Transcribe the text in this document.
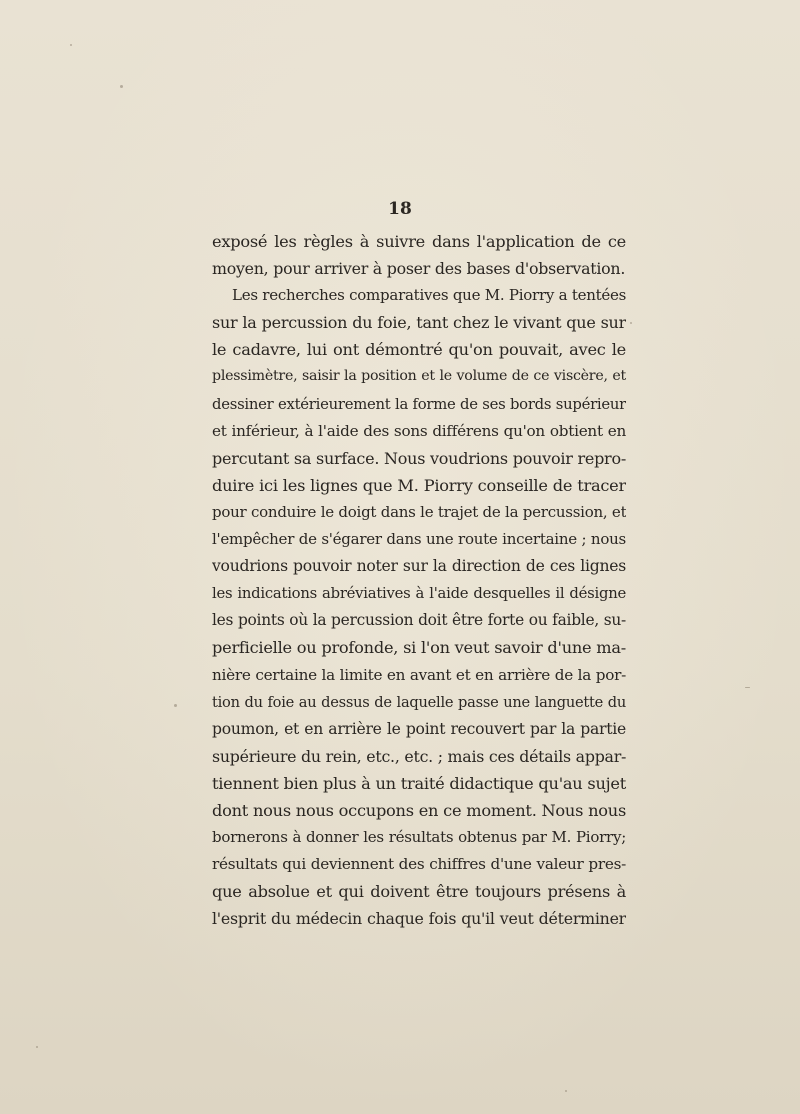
18
exposé les règles à suivre dans l'application de ce
moyen, pour arriver à poser des bases d'observation.
Les recherches comparatives que M. Piorry a tentées
sur la percussion du foie, tant chez le vivant que sur
le cadavre, lui ont démontré qu'on pouvait, avec le
plessimètre, saisir la position et le volume de ce viscère, et
dessiner extérieurement la forme de ses bords supérieur
et inférieur, à l'aide des sons différens qu'on obtient en
percutant sa surface. Nous voudrions pouvoir repro-
duire ici les lignes que M. Piorry conseille de tracer
pour conduire le doigt dans le trajet de la percussion, et
l'empêcher de s'égarer dans une route incertaine ; nous
voudrions pouvoir noter sur la direction de ces lignes
les indications abréviatives à l'aide desquelles il désigne
les points où la percussion doit être forte ou faible, su-
perficielle ou profonde, si l'on veut savoir d'une ma-
nière certaine la limite en avant et en arrière de la por-
tion du foie au dessus de laquelle passe une languette du
poumon, et en arrière le point recouvert par la partie
supérieure du rein, etc., etc. ; mais ces détails appar-
tiennent bien plus à un traité didactique qu'au sujet
dont nous nous occupons en ce moment. Nous nous
bornerons à donner les résultats obtenus par M. Piorry;
résultats qui deviennent des chiffres d'une valeur pres-
que absolue et qui doivent être toujours présens à
l'esprit du médecin chaque fois qu'il veut déterminer
